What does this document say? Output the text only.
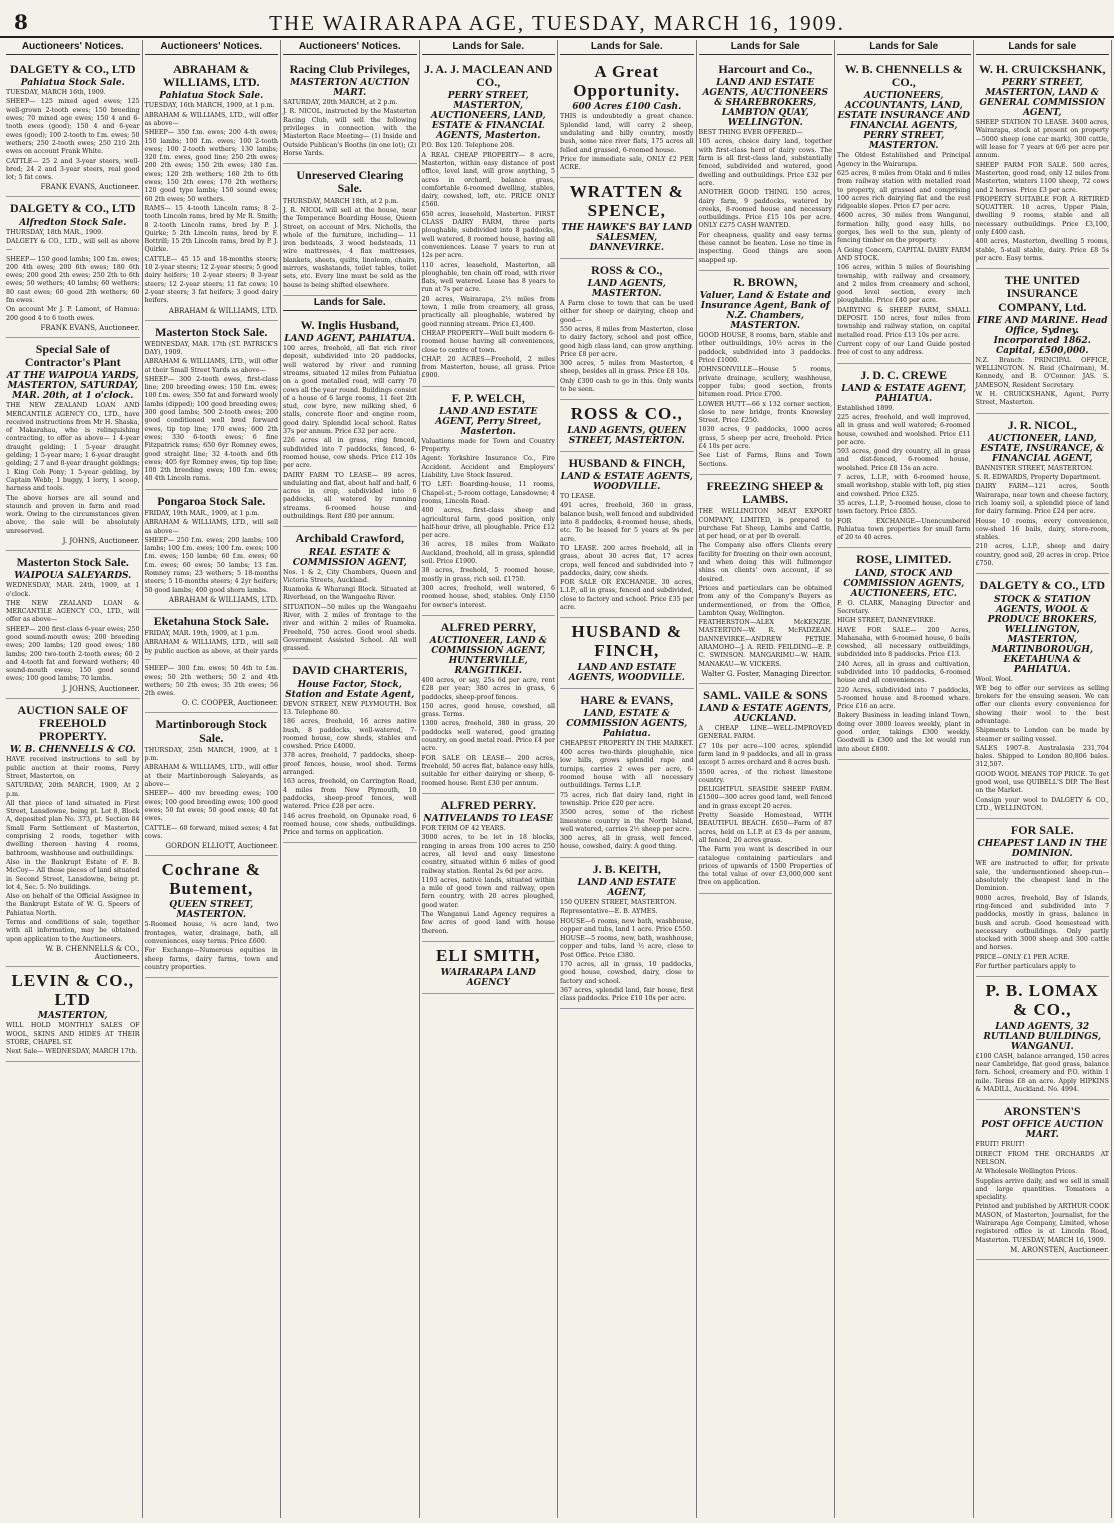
8	THE WAIRARAPA AGE, TUESDAY, MARCH 16, 1909.
Auctioneers' Notices.
DALGETY & CO., LTD
Pahiatua Stock Sale.

TUESDAY, MARCH 16th, 1909.

SHEEP— 125 mixed aged ewes; 125 well-grown 2-tooth ewes; 150 breeding ewes; 70 mixed age ewes; 150 4 and 6-tooth ewes (good); 150 4 and 6-year ewes (good); 100 2-tooth to f.m. ewes; 50 wethers; 250 2-tooth ewes; 250 210 2th ewes on account Frank White.

CATTLE— 25 2 and 3-year steers, well-bred; 24 2 and 3-year steers, real good lot; 5 fat cows.

FRANK EVANS, Auctioneer.
DALGETY & CO., LTD
Alfredton Stock Sale.

THURSDAY, 18th MAR., 1909.

DALGETY & CO., LTD., will sell as above—

SHEEP— 150 good lambs; 100 f.m. ewes; 200 4th ewes; 200 6th ewes; 180 6th ewes; 200 good 2th ewes; 250 2th to 6th ewes; 50 wethers; 40 lambs; 60 wethers; 80 cast ewes; 60 good 2th wethers; 60 fm ewes.

On account Mr J. P. Lamont, of Hamua: 200 good 4 to 6 tooth ewes.

FRANK EVANS, Auctioneer.
Special Sale of Contractor's Plant
AT THE WAIPOUA YARDS, MASTERTON, SATURDAY, MAR. 20th, at 1 o'clock.

THE NEW ZEALAND LOAN AND MERCANTILE AGENCY CO., LTD., have received instructions from Mr H. Shaska, of Makarahau, who is relinquishing contracting, to offer as above— 1 4-year draught gelding; 1 5-year draught gelding; 1 5-year mare; 1 6-year draught gelding; 2 7 and 8-year draught geldings; 1 King Cob Pony; 1 5-year gelding, by Captain Webb; 1 buggy, 1 lorry, 1 scoop, harness and tools.

The above horses are all sound and staunch and proven in farm and road work. Owing to the circumstances given above, the sale will be absolutely unreserved.

J. JOHNS, Auctioneer.
Masterton Stock Sale.
WAIPOUA SALEYARDS.

WEDNESDAY, MAR. 24th, 1909, at 1 o'clock.

THE NEW ZEALAND LOAN & MERCANTILE AGENCY CO., LTD., will offer as above—

SHEEP— 200 first-class 6-year ewes; 250 good sound-mouth ewes; 200 breeding ewes; 200 lambs; 120 good ewes; 180 lambs; 200 two-tooth 2-tooth ewes; 60 2 and 4-tooth fat and forward wethers; 40 sound-mouth ewes; 150 good sound ewes; 100 good lambs; 70 lambs.

J. JOHNS, Auctioneer.
AUCTION SALE OF FREEHOLD PROPERTY.
W. B. CHENNELLS & CO.

HAVE received instructions to sell by public auction at their rooms, Perry Street, Masterton, on

SATURDAY, 20th MARCH, 1909, At 2 p.m.

All that piece of land situated in First Street, Lansdowne, being pt. Lot 8, Block A, deposited plan No. 373, pt. Section 84 Small Farm Settlement of Masterton, comprising 2 roods, together with dwelling thereon having 4 rooms, bathroom, washhouse and outbuildings.

Also in the Bankrupt Estate of F. B. McCoy— All those pieces of land situated in Second Street, Lansdowne, being pt. lot 4, Sec. 5. No buildings.

Also on behalf of the Official Assignee in the Bankrupt Estate of W. G. Speers of Pahiatua North.

Terms and conditions of sale, together with all information, may be obtained upon application to the Auctioneers.

W. B. CHENNELLS & CO., Auctioneers.
LEVIN & CO., LTD
MASTERTON,

WILL HOLD MONTHLY SALES OF WOOL, SKINS AND HIDES AT THEIR STORE, CHAPEL ST.

Next Sale— WEDNESDAY, MARCH 17th.

Auctioneers' Notices.
ABRAHAM & WILLIAMS, LTD.
Pahiatua Stock Sale.

TUESDAY, 16th MARCH, 1909, at 1 p.m.

ABRAHAM & WILLIAMS, LTD., will offer as above—

SHEEP— 350 f.m. ewes; 200 4-th ewes; 150 lambs; 100 f.m. ewes; 100 2-tooth ewes; 100 2-tooth wethers; 130 lambs; 320 f.m. ewes, good line; 250 2th ewes; 200 2th ewes; 150 2th ewes; 180 f.m. ewes; 120 2th wethers; 160 2th to 6th ewes; 150 2th ewes; 170 2th wethers; 120 good type lambs; 150 sound ewes; 60 2th ewes; 50 wethers.

RAMS— 15 4-tooth Lincoln rams; 8 2-tooth Lincoln rams, bred by Mr R. Smith; 8 2-tooth Lincoln rams, bred by P. J. Quirke; 5 2th Lincoln rams, bred by F. Bottrill; 15 2th Lincoln rams, bred by P. J. Quirke.

CATTLE— 45 15 and 18-months steers; 10 2-year steers; 12 2-year steers; 5 good dairy heifers; 10 2-year steers; 8 3-year steers; 12 2-year steers; 11 fat cows; 10 2-year steers; 3 fat heifers; 3 good dairy heifers.

ABRAHAM & WILLIAMS, LTD.
Masterton Stock Sale.

WEDNESDAY, MAR. 17th (ST. PATRICK'S DAY), 1909.

ABRAHAM & WILLIAMS, LTD., will offer at their Small Street Yards as above—

SHEEP— 300 2-tooth ewes, first-class line; 200 breeding ewes; 150 f.m. ewes; 100 f.m. ewes; 350 fat and forward wooly lambs (dipped); 100 good breeding ewes; 300 good lambs; 500 2-tooth ewes; 200 good conditioned well bred forward ewes, tip top line; 170 ewes; 600 2th ewes; 330 6-tooth ewes; 6 fine Fitzpatrick rams; 650 6yr Romney ewes, good straight line; 32 4-tooth and 6th ewes; 405 6yr Romney ewes, tip top line; 100 2th breeding ewes; 100 f.m. ewes; 40 4th Lincoln rams.

Pongaroa Stock Sale.

FRIDAY, 19th MAR., 1909, at 1 p.m.

ABRAHAM & WILLIAMS, LTD., will sell as above—

SHEEP— 250 f.m. ewes; 200 lambs; 100 lambs; 100 f.m. ewes; 100 f.m. ewes; 100 f.m. ewes; 150 lambs; 60 f.m. ewes; 60 f.m. ewes; 60 ewes; 50 lambs; 13 f.m. Romney rams; 23 wethers; 5 18-months steers; 5 10-months steers; 4 2yr heifers; 50 good lambs; 400 good shorn lambs.

ABRAHAM & WILLIAMS, LTD.
Eketahuna Stock Sale.

FRIDAY, MAR. 19th, 1909, at 1 p.m.

ABRAHAM & WILLIAMS, LTD., will sell by public auction as above, at their yards—

SHEEP— 300 f.m. ewes; 50 4th to f.m. ewes; 50 2th wethers; 50 2 and 4th wethers; 50 2th ewes; 35 2th ewes; 56 2th ewes.

O. C. COOPER, Auctioneer.
Martinborough Stock Sale.

THURSDAY, 25th MARCH, 1909, at 1 p.m.

ABRAHAM & WILLIAMS, LTD., will offer at their Martinborough Saleyards, as above—

SHEEP— 400 mv breeding ewes; 100 ewes; 100 good breeding ewes; 100 good ewes; 50 fat ewes; 50 good ewes; 40 fat ewes.

CATTLE— 60 forward, mixed sexes; 4 fat cows.

GORDON ELLIOTT, Auctioneer.
Cochrane & Butement,
QUEEN STREET, MASTERTON.

5-Roomed house, ¼ acre land, two frontages, water, drainage, bath, all conveniences, easy terms. Price £600.

For Exchange—Numerous equities in sheep farms, dairy farms, town and country properties.

Auctioneers' Notices.
Racing Club Privileges,
MASTERTON AUCTION MART.

SATURDAY, 20th MARCH, at 2 p.m.

J. R. NICOL, instructed by the Masterton Racing Club, will sell the following privileges in connection with the Masterton Race Meeting— (1) Inside and Outside Publican's Booths (in one lot); (2) Horse Yards.

Unreserved Clearing Sale.

THURSDAY, MARCH 18th, at 2 p.m.

J. R. NICOL will sell at the house, near the Temperance Boarding House, Queen Street, on account of Mrs. Nicholls, the whole of the furniture, including— 11 iron bedsteads, 3 wood bedsteads, 11 wire mattresses, 4 flax mattresses, blankets, sheets, quilts, linoleum, chairs, mirrors, washstands, toilet tables, toilet sets, etc. Every line must be sold as the house is being shifted elsewhere.

Lands for Sale.
W. Inglis Husband,
LAND AGENT, PAHIATUA.

100 acres, freehold, all flat rich river deposit, subdivided into 20 paddocks, well watered by river and running streams, situated 12 miles from Pahiatua on a good metalled road, will carry 70 cows all the year round. Buildings consist of a house of 6 large rooms, 11 feet 2th stud, cow byre, new milking shed, 6 stalls, concrete floor and engine room, good dairy. Splendid local school. Rates 37s per annum. Price £32 per acre.

226 acres all in grass, ring fenced, subdivided into 7 paddocks, fenced, 6-roomed house, cow sheds. Price £12 10s per acre.

DAIRY FARM TO LEASE— 89 acres, undulating and flat, about half and half, 6 acres in crop, subdivided into 6 paddocks, all watered by running streams. 6-roomed house and outbuildings. Rent £80 per annum.

Archibald Crawford,
REAL ESTATE & COMMISSION AGENT,

Nos. 1 & 2, City Chambers, Queen and Victoria Streets, Auckland.

Ruamoka & Wharangi Block. Situated at Riverhead, on the Wangaehu River.

SITUATION—50 miles up the Wangaehu River, with 2 miles of frontage to the river and within 2 miles of Ruamoka. Freehold, 750 acres. Good wool sheds. Government Assisted School. All well grassed.

DAVID CHARTERIS,
House Factor, Stock, Station and Estate Agent,

DEVON STREET, NEW PLYMOUTH. Box 13. Telephone 80.

186 acres, freehold, 16 acres native bush, 8 paddocks, well-watered, 7-roomed house, cow sheds, stables and cowshed. Price £4000.

378 acres, freehold, 7 paddocks, sheep-proof fences, house, wool shed. Terms arranged.

163 acres, freehold, on Carrington Road, 4 miles from New Plymouth, 10 paddocks, sheep-proof fences, well watered. Price £28 per acre.

146 acres freehold, on Opunake road, 6 roomed house, cow sheds, outbuildings. Price and terms on application.

Lands for Sale.
J. A. J. MACLEAN AND CO.,
PERRY STREET, MASTERTON, AUCTIONEERS, LAND, ESTATE & FINANCIAL AGENTS, Masterton.

P.O. Box 120. Telephone 208.

A REAL CHEAP PROPERTY— 8 acre, Masterton, within easy distance of post office, level land, will grow anything, 5 acres in orchard, balance grass, comfortable 6-roomed dwelling, stables, dairy, cowshed, loft, etc. PRICE ONLY £560.

650 acres, leasehold, Masterton. FIRST CLASS DAIRY FARM, three parts ploughable, subdivided into 8 paddocks, well watered, 8 roomed house, having all conveniences. Lease 7 years to run at 12s per acre.

110 acres, leasehold, Masterton, all ploughable, ten chain off road, with river flats, well watered. Lease has 8 years to run at 7s per acre.

20 acres, Wairarapa, 2½ miles from town, 1 mile from creamery, all grass, practically all ploughable, watered by good running stream. Price £1,400.

CHEAP PROPERTY—Well built modern 6-roomed house having all conveniences, close to centre of town.

CHAP. 20 ACRES—Freehold, 2 miles from Masterton, house, all grass. Price £900.

F. P. WELCH,
LAND AND ESTATE AGENT, Perry Street, Masterton.

Valuations made for Town and Country Property.

Agent: Yorkshire Insurance Co., Fire Accident. Accident and Employers' Liability, Live Stock Insured.

TO LET: Boarding-house, 11 rooms, Chapel-st.; 5-room cottage, Lansdowne; 4 rooms, Lincoln Road.

400 acres, first-class sheep and agricultural farm, good position, only half-hour drive, all ploughable. Price £12 per acre.

36 acres, 18 miles from Waikato Auckland, freehold, all in grass, splendid soil. Price £1900.

38 acres, freehold, 5 roomed house, mostly in grass, rich soil. £1750.

300 acres, freehold, well watered, 6 roomed house, shed, stables. Only £150 for owner's interest.

ALFRED PERRY,
AUCTIONEER, LAND & COMMISSION AGENT, HUNTERVILLE, RANGITIKEI.

400 acres, or say, 25s 6d per acre, rent £28 per year; 380 acres in grass, 6 paddocks, sheep-proof fences.

150 acres, good house, cowshed, all grass. Terms.

1300 acres, freehold, 380 in grass, 20 paddocks well watered, good grazing country, on good metal road. Price £4 per acre.

FOR SALE OR LEASE— 200 acres, freehold, 50 acres flat, balance easy hills, suitable for either dairying or sheep, 6-roomed house. Rent £30 per annum.

ALFRED PERRY.
NATIVELANDS TO LEASE

FOR TERM OF 42 YEARS.

3000 acres, to be let in 18 blocks, ranging in areas from 100 acres to 250 acres, all level and easy limestone country, situated within 6 miles of good railway station. Rental 2s 6d per acre.

1193 acres, native lands, situated within a mile of good town and railway, open fern country, with 20 acres ploughed, good water.

The Wanganui Land Agency requires a few acres of good land with house thereon.

ELI SMITH,
WAIRARAPA LAND AGENCY
Lands for Sale.
A Great Opportunity.
600 Acres £100 Cash.

THIS is undoubtedly a great chance. Splendid land, will carry 2 sheep, undulating and hilly country, mostly bush, some nice river flats, 175 acres all felled and grassed, 6-roomed house.

Price for immediate sale, ONLY £2 PER ACRE.

WRATTEN & SPENCE,
THE HAWKE'S BAY LAND SALESMEN, DANNEVIRKE.
ROSS & CO.,
LAND AGENTS, MASTERTON.

A Farm close to town that can be used either for sheep or dairying, cheap and good—

550 acres, 8 miles from Masterton, close to dairy factory, school and post office, good high class land, can grow anything. Price £8 per acre.

300 acres, 5 miles from Masterton, 4 sheep, besides all in grass. Price £8 10s.

Only £300 cash to go in this. Only wants to be seen.

ROSS & CO.,
LAND AGENTS, QUEEN STREET, MASTERTON.
HUSBAND & FINCH,
LAND & ESTATE AGENTS, WOODVILLE.

TO LEASE.

491 acres, freehold, 360 in grass, balance bush, well fenced and subdivided into 8 paddocks, 4-roomed house, sheds, etc. To be leased for 5 years at 9s per acre.

TO LEASE. 200 acres freehold, all in grass, about 30 acres flat, 17 acres crops, well fenced and subdivided into 7 paddocks, dairy, cow sheds.

FOR SALE OR EXCHANGE. 30 acres, L.I.P., all in grass, fenced and subdivided, close to factory and school. Price £35 per acre.

HUSBAND & FINCH,
LAND AND ESTATE AGENTS, WOODVILLE.
HARE & EVANS,
LAND, ESTATE & COMMISSION AGENTS, Pahiatua.

CHEAPEST PROPERTY IN THE MARKET.

400 acres two-thirds ploughable, nice low hills, grows splendid rape and turnips, carries 2 ewes per acre, 6-roomed house with all necessary outbuildings. Terms L.I.P.

75 acres, rich flat dairy land, right in township. Price £20 per acre.

3500 acres, some of the richest limestone country in the North Island, well watered, carries 2½ sheep per acre.

300 acres, all in grass, well fenced, house, cowshed, dairy. A good thing.

J. B. KEITH,
LAND AND ESTATE AGENT,

150 QUEEN STREET, MASTERTON.

Representative—E. B. AYMES.

HOUSE—6 rooms, new bath, washhouse, copper and tubs, land 1 acre. Price £550.

HOUSE—5 rooms, new, bath, washhouse, copper and tubs, land ½ acre, close to Post Office. Price £380.

170 acres, all in grass, 10 paddocks, good house, cowshed, dairy, close to factory and school.

367 acres, splendid land, fair house, first class paddocks. Price £10 10s per acre.

Lands for Sale
Harcourt and Co.,
LAND AND ESTATE AGENTS, AUCTIONEERS & SHAREBROKERS, LAMBTON QUAY, WELLINGTON.

BEST THING EVER OFFERED—

105 acres, choice dairy land, together with first-class herd of dairy cows. The farm is all first-class land, substantially fenced, subdivided and watered, good dwelling and outbuildings. Price £32 per acre.

ANOTHER GOOD THING. 150 acres, dairy farm, 9 paddocks, watered by creeks, 8-roomed house and necessary outbuildings. Price £15 10s per acre. ONLY £275 CASH WANTED.

For cheapness, quality and easy terms these cannot be beaten. Lose no time in inspecting. Good things are soon snapped up.

R. BROWN,
Valuer, Land & Estate and Insurance Agent, Bank of N.Z. Chambers, MASTERTON.

GOOD HOUSE, 8 rooms, barn, stable and other outbuildings, 10½ acres in the paddock, subdivided into 3 paddocks. Price £1000.

JOHNSONVILLE—House 5 rooms, private drainage, scullery, washhouse, copper tubs; good section, fronts bitumen road. Price £700.

LOWER HUTT—66 x 132 corner section, close to new bridge, fronts Knowsley Street. Price £250.

1030 acres, 9 paddocks, 1000 acres grass, 5 sheep per acre, freehold. Price £4 10s per acre.

See List of Farms, Runs and Town Sections.

FREEZING SHEEP & LAMBS.

THE WELLINGTON MEAT EXPORT COMPANY, LIMITED, is prepared to purchase Fat Sheep, Lambs and Cattle, at per head, or at per lb overall.

The Company also offers Clients every facility for freezing on their own account, and when doing this will fullmonger shins on clients' own account, if so desired.

Prices and particulars can be obtained from any of the Company's Buyers as undermentioned, or from the Office, Lambton Quay, Wellington.

FEATHERSTON—ALEX McKENZIE. MASTERTON—W. R. McFADZEAN. DANNEVIRKE—ANDREW PETRIE. ARAMOHO—J. A. REID. FEILDING—E. P. C. SWINSON. MANGARIMU—W. HAIR. MANAKAU—W. VICKERS.

Walter G. Foster, Managing Director.
SAML. VAILE & SONS
LAND & ESTATE AGENTS, AUCKLAND.

A CHEAP LINE—WELL-IMPROVED GENERAL FARM.

£7 10s per acre—100 acres, splendid farm land in 9 paddocks, and all in grass except 5 acres orchard and 8 acres bush.

3500 acres, of the richest limestone country.

DELIGHTFUL SEASIDE SHEEP FARM. £1500—300 acres good land, well fenced and in grass except 20 acres.

Pretty Seaside Homestead, WITH BEAUTIFUL BEACH. £650—Farm of 87 acres, held on L.I.P. at £3 4s per annum, all fenced, 20 acres grass.

The Farm you want is described in our catalogue containing particulars and prices of upwards of 1500 Properties of the total value of over £3,000,000 sent free on application.

Lands for Sale
W. B. CHENNELLS & CO.,
AUCTIONEERS, ACCOUNTANTS, LAND, ESTATE INSURANCE AND FINANCIAL AGENTS, PERRY STREET, MASTERTON.

The Oldest Established and Principal Agency in the Wairarapa.

625 acres, 8 miles from Otaki and 6 miles from railway station with metalled road to property, all grassed and comprising 100 acres rich dairying flat and the rest ridgeable slopes. Price £7 per acre.

4600 acres, 30 miles from Wanganui, formation hilly, good easy hills, no gorges, lies well to the sun, plenty of fencing timber on the property.

A Going Concern, CAPITAL DAIRY FARM AND STOCK.

106 acres, within 5 miles of flourishing township, with railway and creamery, and 2 miles from creamery and school, good level section, every inch ploughable. Price £40 per acre.

DAIRYING & SHEEP FARM, SMALL DEPOSIT. 150 acres, four miles from township and railway station, on capital metalled road. Price £13 10s per acre.

Current copy of our Land Guide posted free of cost to any address.

J. D. C. CREWE
LAND & ESTATE AGENT, PAHIATUA.

Established 1899.

225 acres, freehold, and well improved, all in grass and well watered; 6-roomed house, cowshed and woolshed. Price £11 per acre.

593 acres, good dry country, all in grass and dist-fenced, 6-roomed house, woolshed. Price £8 15s an acre.

7 acres, L.I.P., with 6-roomed house, small workshop, stable with loft, pig sties and cowshed. Price £325.

35 acres, L.I.P., 5-roomed house, close to town factory. Price £855.

FOR EXCHANGE—Unencumbered Pahiatua town properties for small farm of 20 to 40 acres.

ROSE, LIMITED.
LAND, STOCK AND COMMISSION AGENTS, AUCTIONEERS, ETC.

F. O. CLARK, Managing Director and Secretary.

HIGH STREET, DANNEVIRKE.

HAVE FOR SALE— 200 Acres, Mahanaha, with 6-roomed house, 6 bails cowshed, all necessary outbuildings, subdivided into 8 paddocks. Price £13.

240 Acres, all in grass and cultivation, subdivided into 10 paddocks, 6-roomed house and all conveniences.

220 Acres, subdivided into 7 paddocks, 5-roomed house and 8-roomed whare. Price £16 an acre.

Bakery Business in leading inland Town, doing over 3000 loaves weekly, plant in good order, takings £300 weekly. Goodwill is £300 and the lot would run into about £800.

Lands for sale
W. H. CRUICKSHANK,
PERRY STREET, MASTERTON, LAND & GENERAL COMMISSION AGENT,

SHEEP STATION TO LEASE. 3400 acres, Wairarapa, stock at present on property—5000 sheep (one car mark), 300 cattle, will lease for 7 years at 6/6 per acre per annum.

SHEEP FARM FOR SALE. 500 acres, Masterton, good road, only 12 miles from Masterton, winters 1100 sheep, 72 cows and 2 horses. Price £3 per acre.

PROPERTY SUITABLE FOR A RETIRED SQUATTER. 10 acres, Upper Plain, dwelling 9 rooms, stable and all necessary outbuildings. Price £3,100, only £400 cash.

400 acres, Masterton, dwelling 5 rooms, stable, 5-stall stable, dairy. Price £8 5s per acre. Easy terms.

THE UNITED INSURANCE COMPANY, Ltd.
FIRE AND MARINE. Head Office, Sydney. Incorporated 1862. Capital, £500,000.

N.Z. Branch: PRINCIPAL OFFICE, WELLINGTON. N. Reid (Chairman), M. Kennedy, and B. O'Connor. JAS. S. JAMESON, Resident Secretary.

W. H. CRUICKSHANK, Agent, Perry Street, Masterton.

J. R. NICOL,
AUCTIONEER, LAND, ESTATE, INSURANCE, & FINANCIAL AGENT,

BANNISTER STREET, MASTERTON.

S. R. EDWARDS, Property Department.

DAIRY FARM—121 acres, South Wairarapa, near town and cheese factory, rich loamy soil, a splendid piece of land for dairy farming. Price £24 per acre.

House 10 rooms, every convenience, cow-shed 16 bails, dairy, store-room, stables.

210 acres, L.I.P., sheep and dairy country, good soil, 20 acres in crop. Price £750.

DALGETY & CO., LTD
STOCK & STATION AGENTS, WOOL & PRODUCE BROKERS, WELLINGTON, MASTERTON, MARTINBOROUGH, EKETAHUNA & PAHIATUA.

Wool. Wool.

WE beg to offer our services as selling brokers for the ensuing season. We can offer our clients every convenience for showing their wool to the best advantage.

Shipments to London can be made by steamer or sailing vessel.

SALES 1907-8. Australasia 231,704 bales. Shipped to London 80,806 bales. 312,507.

GOOD WOOL MEANS TOP PRICE. To get good wool, use QUIBELL'S DIP. The Best on the Market.

Consign your wool to DALGETY & CO., LTD., WELLINGTON.

FOR SALE.
CHEAPEST LAND IN THE DOMINION.

WE are instructed to offer, for private sale, the undermentioned sheep-run—absolutely the cheapest land in the Dominion.

9000 acres, freehold, Bay of Islands, ring-fenced and subdivided into 7 paddocks, mostly in grass, balance in bush and scrub. Good homestead with necessary outbuildings. Only partly stocked with 3000 sheep and 300 cattle and horses.

PRICE—ONLY £1 PER ACRE.

For further particulars apply to

P. B. LOMAX & CO.,
LAND AGENTS, 32 RUTLAND BUILDINGS, WANGANUI.

£100 CASH, balance arranged, 150 acres near Cambridge, flat good grass, balance fern. School, creamery and P.O. within 1 mile. Terms £8 an acre. Apply HIPKINS & MADILL, Auckland. No. 4994.

ARONSTEN'S
POST OFFICE AUCTION MART.

FRUIT! FRUIT!

DIRECT FROM THE ORCHARDS AT NELSON.

At Wholesale Wellington Prices.

Supplies arrive daily, and we sell in small and large quantities. Tomatoes a speciality.

Printed and published by ARTHUR COOK MASON, of Masterton, Journalist, for the Wairarapa Age Company, Limited, whose registered office is at Lincoln Road, Masterton. TUESDAY, MARCH 16, 1909.

M. ARONSTEN, Auctioneer.
